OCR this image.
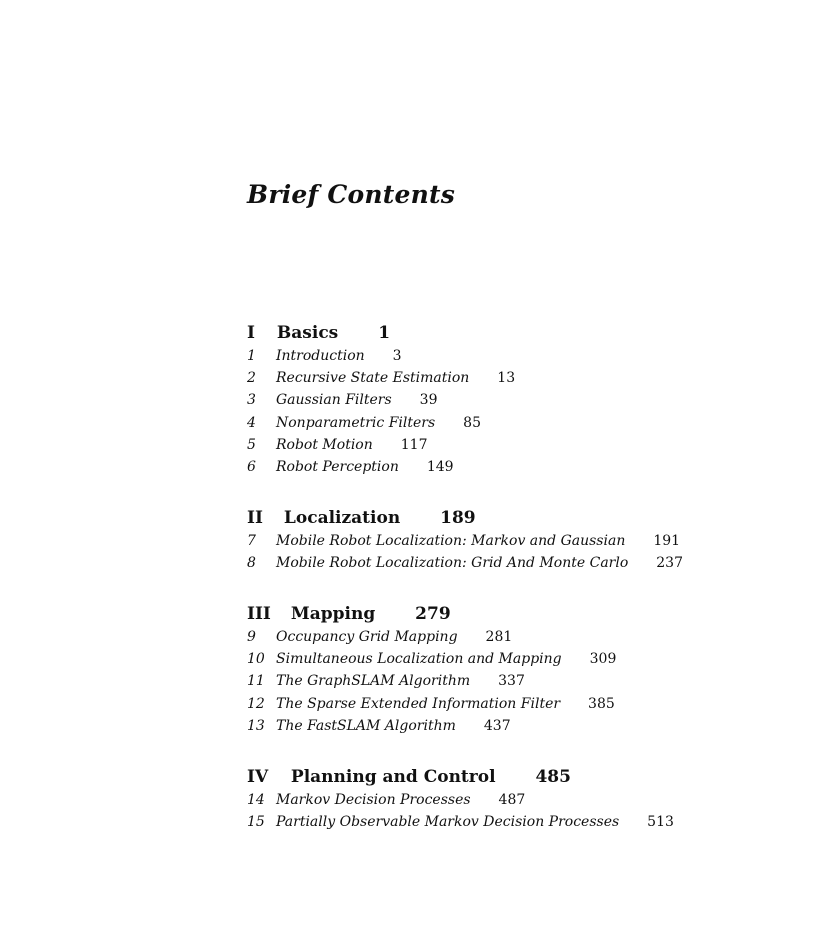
Brief Contents
I Basics 1
1 Introduction 3
2 Recursive State Estimation 13
3 Gaussian Filters 39
4 Nonparametric Filters 85
5 Robot Motion 117
6 Robot Perception 149
II Localization 189
7 Mobile Robot Localization: Markov and Gaussian 191
8 Mobile Robot Localization: Grid And Monte Carlo 237
III Mapping 279
9 Occupancy Grid Mapping 281
10 Simultaneous Localization and Mapping 309
11 The GraphSLAM Algorithm 337
12 The Sparse Extended Information Filter 385
13 The FastSLAM Algorithm 437
IV Planning and Control 485
14 Markov Decision Processes 487
15 Partially Observable Markov Decision Processes 513
